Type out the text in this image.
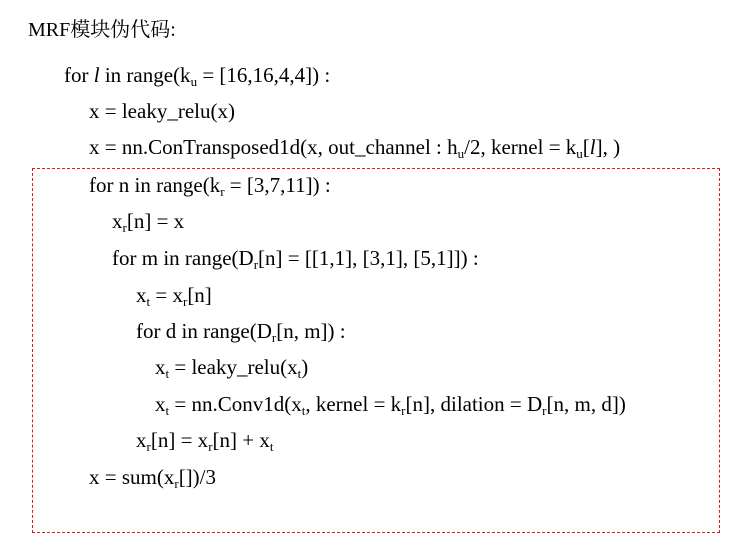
MRF模块伪代码:
for l in $range(k_u = [16,16,4,4])$ :
x = leaky_relu(x)
x = nn.ConTransposed1d(x, out_channel : $h_u/2$, kernel = $k_u[l]$, )
for n in $range(k_r = [3,7,11])$ :
$x_r[n] = x$
for m in $range(D_r[n] = [[1,1]$, [3,1], [5,1]]) :
$x_t = x_r[n]$
for d in $range(D_r[n$, m]) :
$x_t$ = $leaky\_relu(x_t)$
$x_t$ = $nn.Conv1d(x_t$, kernel = $k_r[n]$, dilation = $D_r[n$, m, d])
$x_r[n] = x_r[n] + x_t$
$x = sum(x_r[])/3$
